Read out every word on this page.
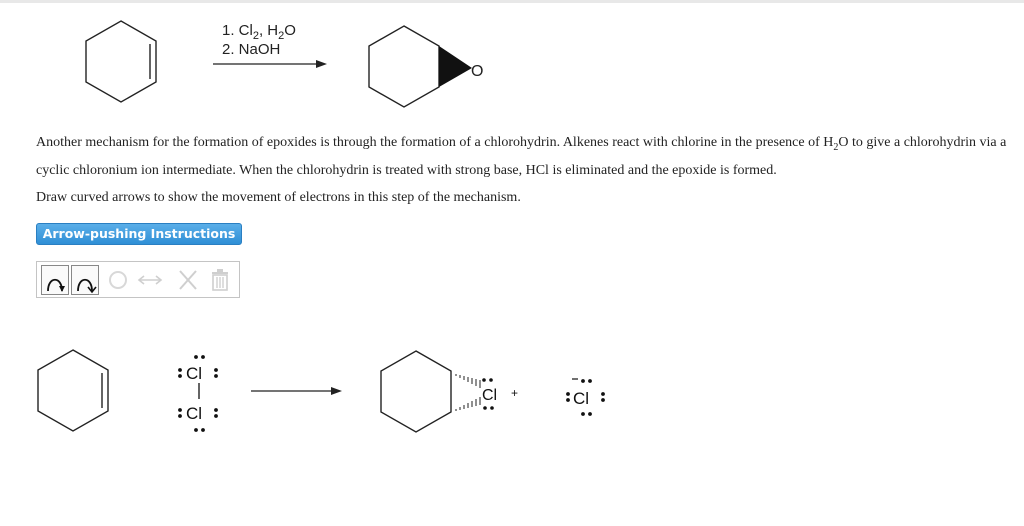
1. $Cl_2$, $H_2O$
2. NaOH
O

Another mechanism for the formation of epoxides is through the formation of a chlorohydrin. Alkenes react with chlorine in the presence of $H_2O$ to give a chlorohydrin via a cyclic chloronium ion intermediate. When the chlorohydrin is treated with strong base, HCl is eliminated and the epoxide is formed.

Draw curved arrows to show the movement of electrons in this step of the mechanism.

Arrow-pushing Instructions
Cl
Cl
Cl +	Cl
